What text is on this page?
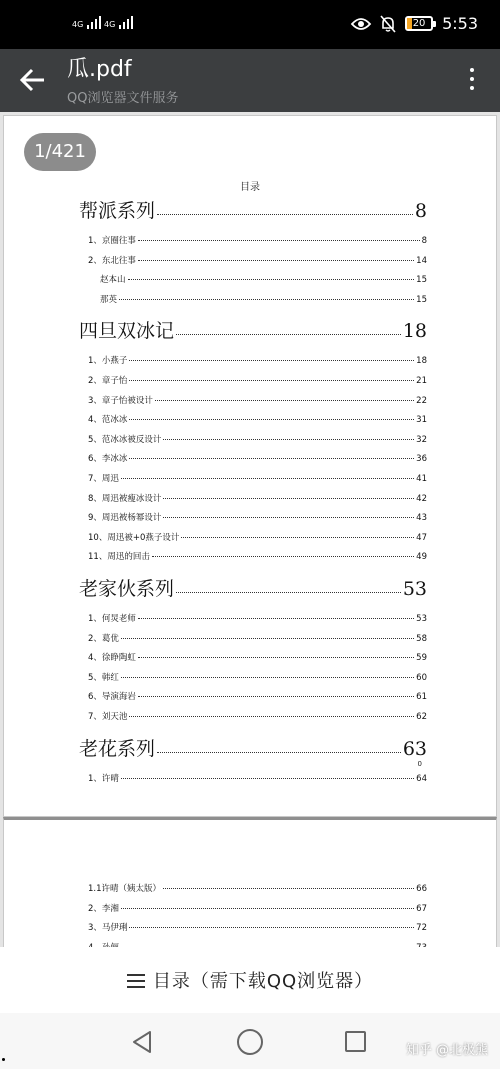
4G	4G	20	5:53
瓜.pdf
QQ浏览器文件服务
1/421
目录
帮派系列	8
1、京圈往事	8
2、东北往事	14
赵本山	15
那英	15
四旦双冰记	18
1、小燕子	18
2、章子怡	21
3、章子怡被设计	22
4、范冰冰	31
5、范冰冰被反设计	32
6、李冰冰	36
7、周迅	41
8、周迅被瘦冰设计	42
9、周迅被杨幂设计	43
10、周迅被+0燕子设计	47
11、周迅的回击	49
老家伙系列	53
1、何炅老师	53
2、葛优	58
4、徐睁陶虹	59
5、韩红	60
6、导演海岩	61
7、刘天池	62
老花系列	63
1、许晴	64
0
1.1许晴（姨太版）	66
2、李湘	67
3、马伊琍	72
目录（需下载QQ浏览器）
知乎 @北极熊
